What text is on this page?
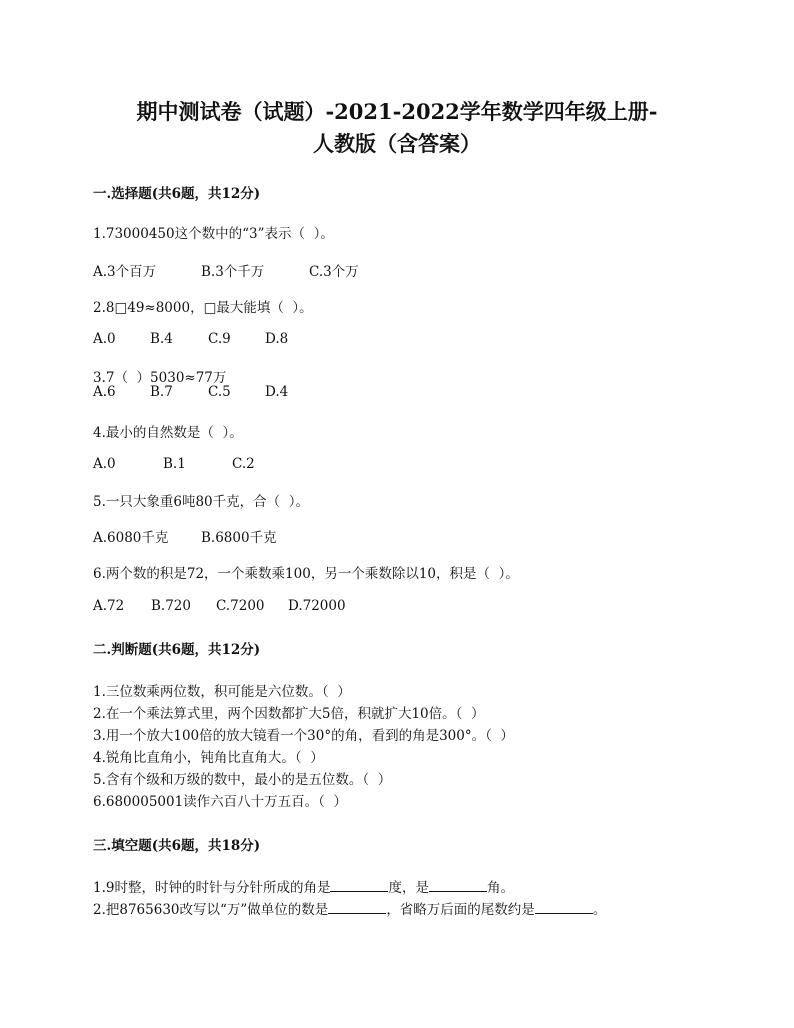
期中测试卷（试题）-2021-2022学年数学四年级上册-
人教版（含答案）
一.选择题(共6题，共12分)
1.73000450这个数中的“3”表示（  ）。
A.3个百万	B.3个千万	C.3个万
2.8□49≈8000，□最大能填（  ）。
A.0	B.4	C.9	D.8
3.7（  ）5030≈77万
A.6	B.7	C.5	D.4
4.最小的自然数是（  ）。
A.0	B.1	C.2
5.一只大象重6吨80千克，合（  ）。
A.6080千克 B.6800千克
6.两个数的积是72，一个乘数乘100，另一个乘数除以10，积是（  ）。
A.72 B.720 C.7200 D.72000
二.判断题(共6题，共12分)
1.三位数乘两位数，积可能是六位数。（  ）
2.在一个乘法算式里，两个因数都扩大5倍，积就扩大10倍。（  ）
3.用一个放大100倍的放大镜看一个30°的角，看到的角是300°。（  ）
4.锐角比直角小，钝角比直角大。（  ）
5.含有个级和万级的数中，最小的是五位数。（  ）
6.680005001读作六百八十万五百。（  ）
三.填空题(共6题，共18分)
1.9时整，时钟的时针与分针所成的角是	度，是	角。
2.把8765630改写以“万”做单位的数是	，省略万后面的尾数约是	。
